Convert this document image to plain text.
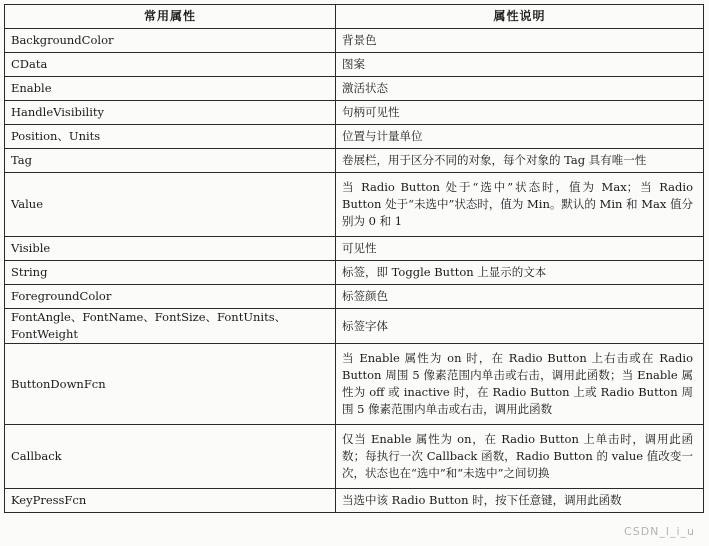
常用属性	属性说明
BackgroundColor	背景色
CData	图案
Enable	激活状态
HandleVisibility	句柄可见性
Position、Units	位置与计量单位
Tag	卷展栏，用于区分不同的对象，每个对象的 Tag 具有唯一性
Value	当 Radio Button 处于“选中”状态时，值为 Max；当 Radio Button 处于“未选中”状态时，值为 Min。默认的 Min 和 Max 值分别为 0 和 1
Visible	可见性
String	标签，即 Toggle Button 上显示的文本
ForegroundColor	标签颜色
FontAngle、FontName、FontSize、FontUnits、FontWeight	标签字体
ButtonDownFcn	当 Enable 属性为 on 时，在 Radio Button 上右击或在 Radio Button 周围 5 像素范围内单击或右击，调用此函数；当 Enable 属性为 off 或 inactive 时，在 Radio Button 上或 Radio Button 周围 5 像素范围内单击或右击，调用此函数
Callback	仅当 Enable 属性为 on，在 Radio Button 上单击时，调用此函数；每执行一次 Callback 函数，Radio Button 的 value 值改变一次，状态也在“选中”和“未选中”之间切换
KeyPressFcn	当选中该 Radio Button 时，按下任意键，调用此函数
CSDN_l_i_u
